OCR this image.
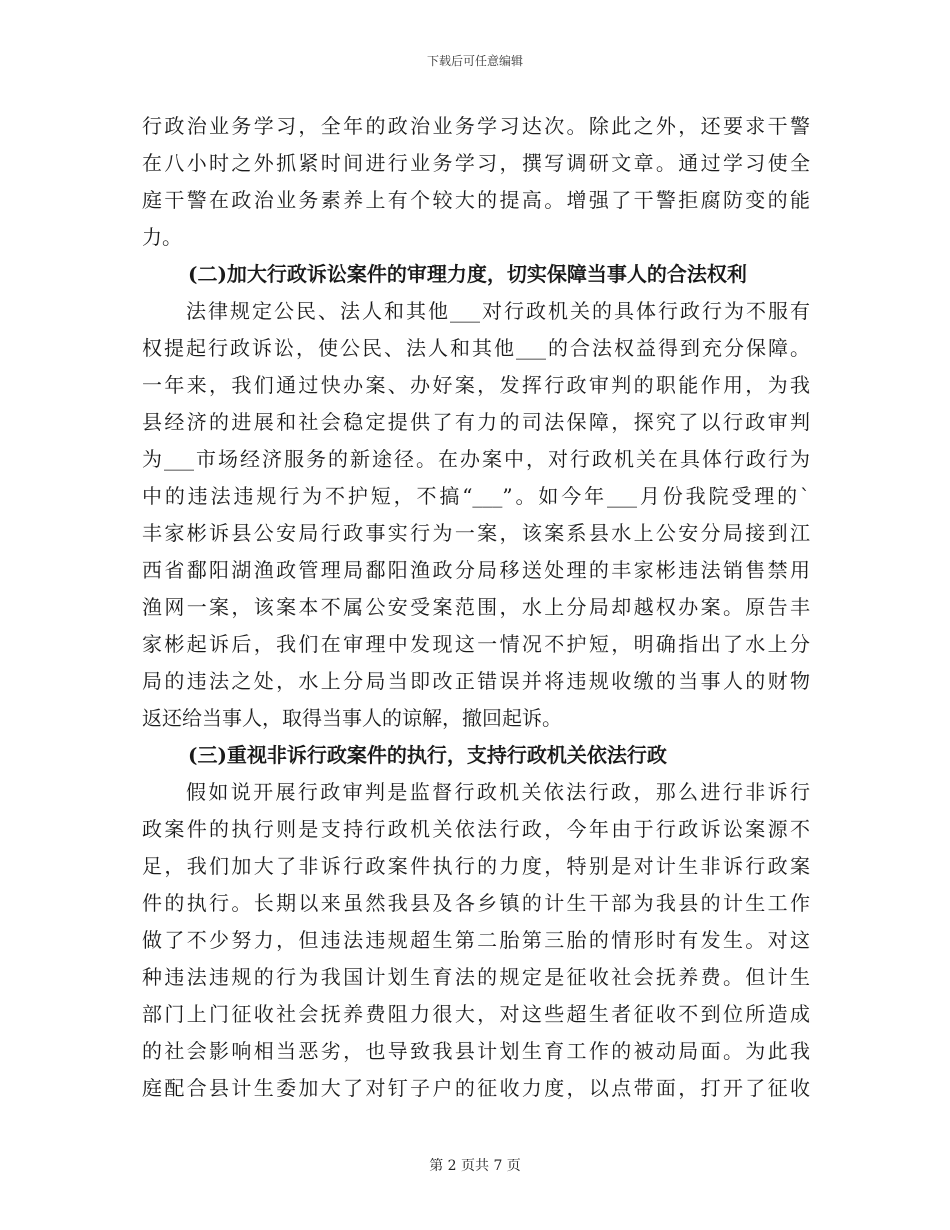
下载后可任意编辑
行政治业务学习，全年的政治业务学习达次。除此之外，还要求干警
在八小时之外抓紧时间进行业务学习，撰写调研文章。通过学习使全
庭干警在政治业务素养上有个较大的提高。增强了干警拒腐防变的能
力。
(二)加大行政诉讼案件的审理力度，切实保障当事人的合法权利
法律规定公民、法人和其他___对行政机关的具体行政行为不服有
权提起行政诉讼，使公民、法人和其他___的合法权益得到充分保障。
一年来，我们通过快办案、办好案，发挥行政审判的职能作用，为我
县经济的进展和社会稳定提供了有力的司法保障，探究了以行政审判
为___市场经济服务的新途径。在办案中，对行政机关在具体行政行为
中的违法违规行为不护短，不搞“___”。如今年___月份我院受理的`
丰家彬诉县公安局行政事实行为一案，该案系县水上公安分局接到江
西省鄱阳湖渔政管理局鄱阳渔政分局移送处理的丰家彬违法销售禁用
渔网一案，该案本不属公安受案范围，水上分局却越权办案。原告丰
家彬起诉后，我们在审理中发现这一情况不护短，明确指出了水上分
局的违法之处，水上分局当即改正错误并将违规收缴的当事人的财物
返还给当事人，取得当事人的谅解，撤回起诉。
(三)重视非诉行政案件的执行，支持行政机关依法行政
假如说开展行政审判是监督行政机关依法行政，那么进行非诉行
政案件的执行则是支持行政机关依法行政，今年由于行政诉讼案源不
足，我们加大了非诉行政案件执行的力度，特别是对计生非诉行政案
件的执行。长期以来虽然我县及各乡镇的计生干部为我县的计生工作
做了不少努力，但违法违规超生第二胎第三胎的情形时有发生。对这
种违法违规的行为我国计划生育法的规定是征收社会抚养费。但计生
部门上门征收社会抚养费阻力很大，对这些超生者征收不到位所造成
的社会影响相当恶劣，也导致我县计划生育工作的被动局面。为此我
庭配合县计生委加大了对钉子户的征收力度，以点带面，打开了征收
第 2 页共 7 页
